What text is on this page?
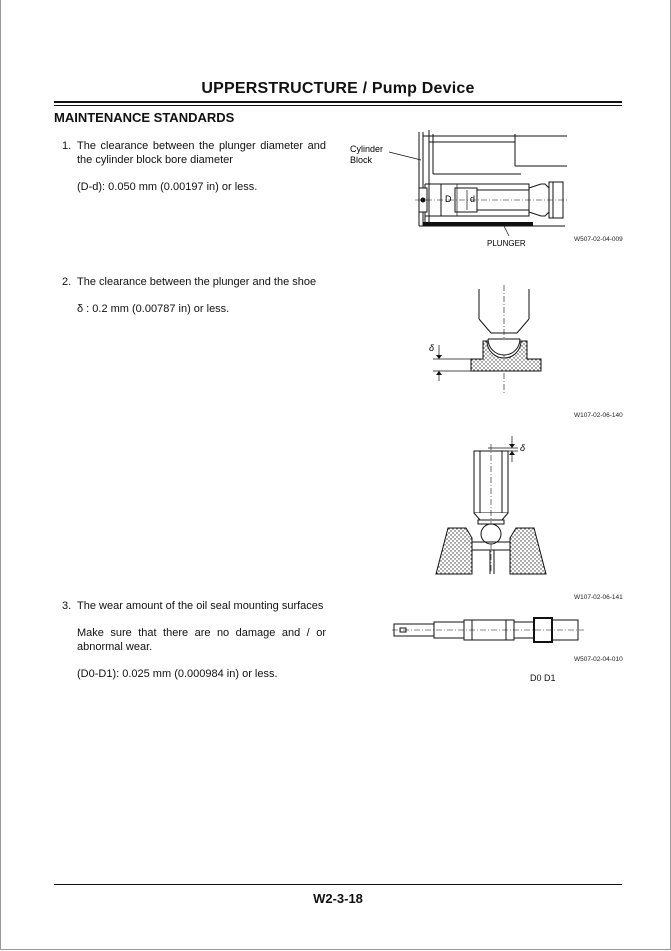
UPPERSTRUCTURE / Pump Device
MAINTENANCE STANDARDS
1. The clearance between the plunger diameter and the cylinder block bore diameter
(D-d): 0.050 mm (0.00197 in) or less.
D d
Cylinder
Block
PLUNGER	W507-02-04-009
2. The clearance between the plunger and the shoe
δ : 0.2 mm (0.00787 in) or less.
δ
W107-02-06-140
δ
W107-02-06-141
3. The wear amount of the oil seal mounting surfaces
Make sure that there are no damage and / or abnormal wear.
(D0-D1): 0.025 mm (0.000984 in) or less.
W507-02-04-010
D0 D1
W2-3-18
